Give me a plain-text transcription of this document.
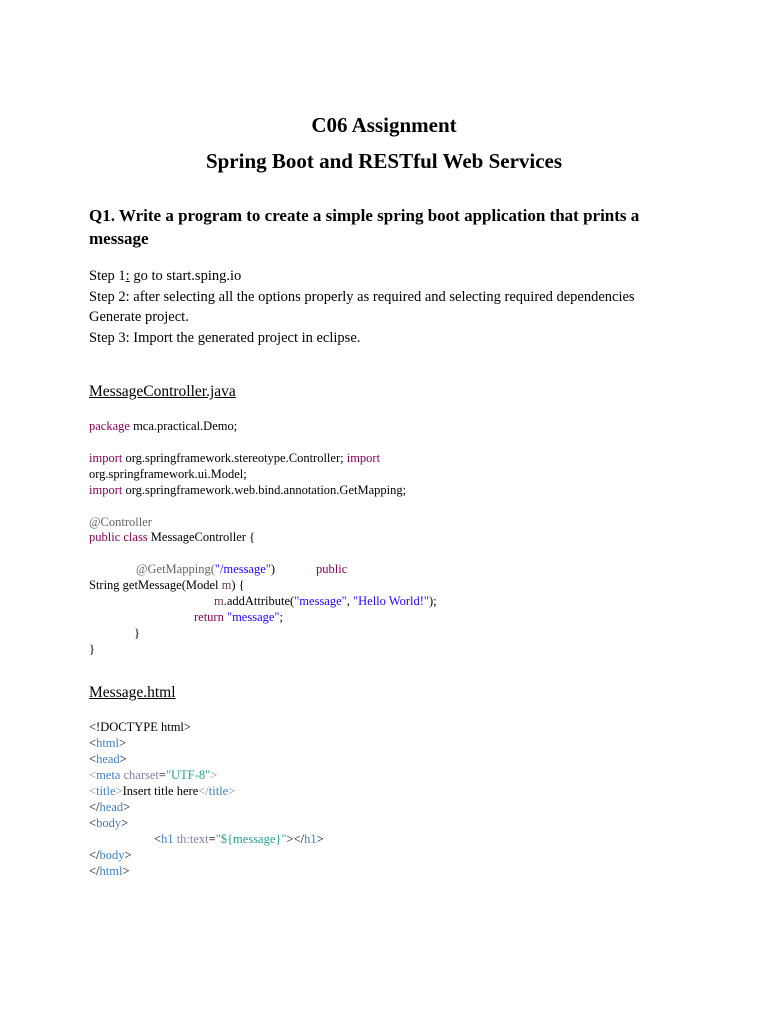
C06 Assignment
Spring Boot and RESTful Web Services
Q1. Write a program to create a simple spring boot application that prints a message
Step 1: go to start.sping.io
Step 2: after selecting all the options properly as required and selecting required dependencies
Generate project.
Step 3: Import the generated project in eclipse.
MessageController.java

package mca.practical.Demo;

import org.springframework.stereotype.Controller; import

org.springframework.ui.Model;

import org.springframework.web.bind.annotation.GetMapping;

@Controller

public class MessageController {

@GetMapping("/message")

	public

String getMessage(Model m) {

m.addAttribute("message", "Hello World!");

return "message";

}

}

Message.html

<!DOCTYPE html>

<html>

<head>

<meta charset="UTF-8">

<title>Insert title here</title>

</head>

<body>

<h1 th:text="${message}"></h1>

</body>

</html>
